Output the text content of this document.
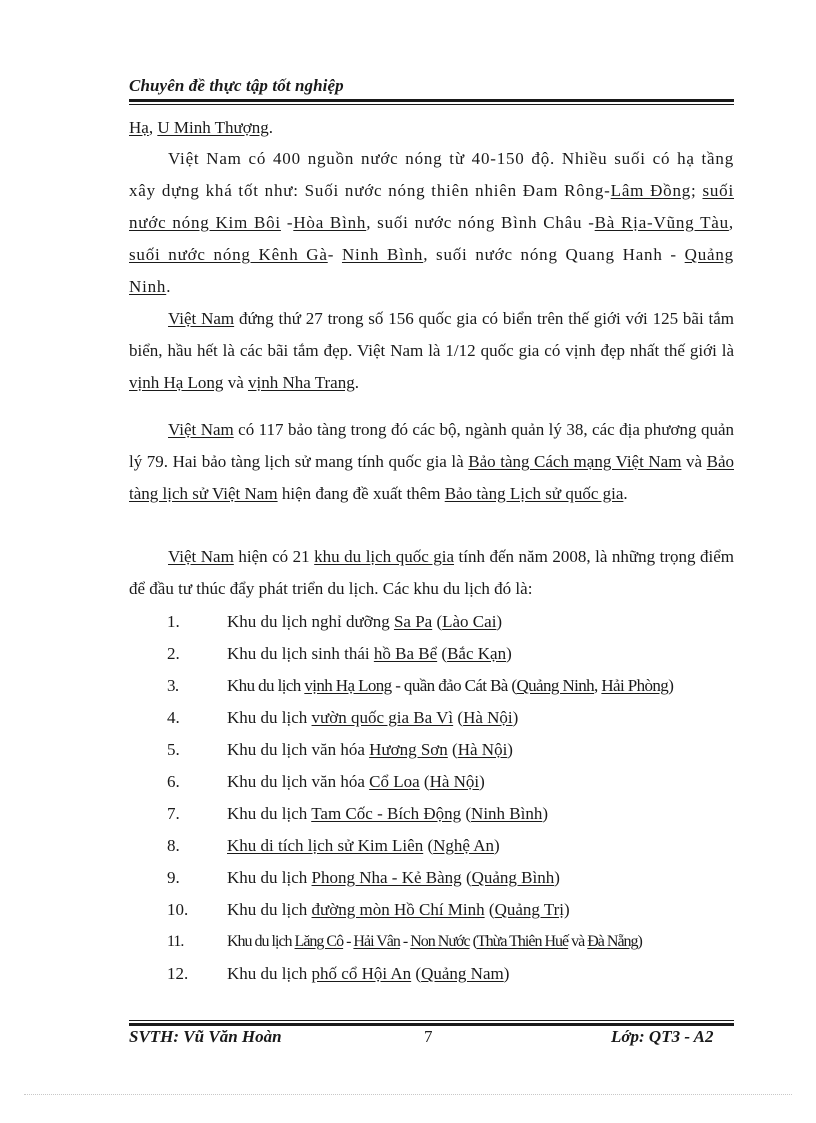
Chuyên đề thực tập tốt nghiệp

Hạ, U Minh Thượng.

Việt Nam có 400 nguồn nước nóng từ 40-150 độ. Nhiều suối có hạ tầng xây dựng khá tốt như: Suối nước nóng thiên nhiên Đam Rông-Lâm Đồng; suối nước nóng Kim Bôi -Hòa Bình, suối nước nóng Bình Châu -Bà Rịa-Vũng Tàu, suối nước nóng Kênh Gà- Ninh Bình, suối nước nóng Quang Hanh - Quảng Ninh.

Việt Nam đứng thứ 27 trong số 156 quốc gia có biển trên thế giới với 125 bãi tắm biển, hầu hết là các bãi tắm đẹp. Việt Nam là 1/12 quốc gia có vịnh đẹp nhất thế giới là vịnh Hạ Long và vịnh Nha Trang.

Việt Nam có 117 bảo tàng trong đó các bộ, ngành quản lý 38, các địa phương quản lý 79. Hai bảo tàng lịch sử mang tính quốc gia là Bảo tàng Cách mạng Việt Nam và Bảo tàng lịch sử Việt Nam hiện đang đề xuất thêm Bảo tàng Lịch sử quốc gia.

Việt Nam hiện có 21 khu du lịch quốc gia tính đến năm 2008, là những trọng điểm để đầu tư thúc đẩy phát triển du lịch. Các khu du lịch đó là:

1.	Khu du lịch nghỉ dưỡng Sa Pa (Lào Cai)
2.	Khu du lịch sinh thái hồ Ba Bể (Bắc Kạn)
3.	Khu du lịch vịnh Hạ Long - quần đảo Cát Bà (Quảng Ninh, Hải Phòng)
4.	Khu du lịch vườn quốc gia Ba Vì (Hà Nội)
5.	Khu du lịch văn hóa Hương Sơn (Hà Nội)
6.	Khu du lịch văn hóa Cổ Loa (Hà Nội)
7.	Khu du lịch Tam Cốc - Bích Động (Ninh Bình)
8.	Khu di tích lịch sử Kim Liên (Nghệ An)
9.	Khu du lịch Phong Nha - Kẻ Bàng (Quảng Bình)
10. Khu du lịch đường mòn Hồ Chí Minh (Quảng Trị)
11.	Khu du lịch Lăng Cô - Hải Vân - Non Nước (Thừa Thiên Huế và Đà Nẵng)
12. Khu du lịch phố cổ Hội An (Quảng Nam)
SVTH: Vũ Văn Hoàn	7	Lớp: QT3 - A2
